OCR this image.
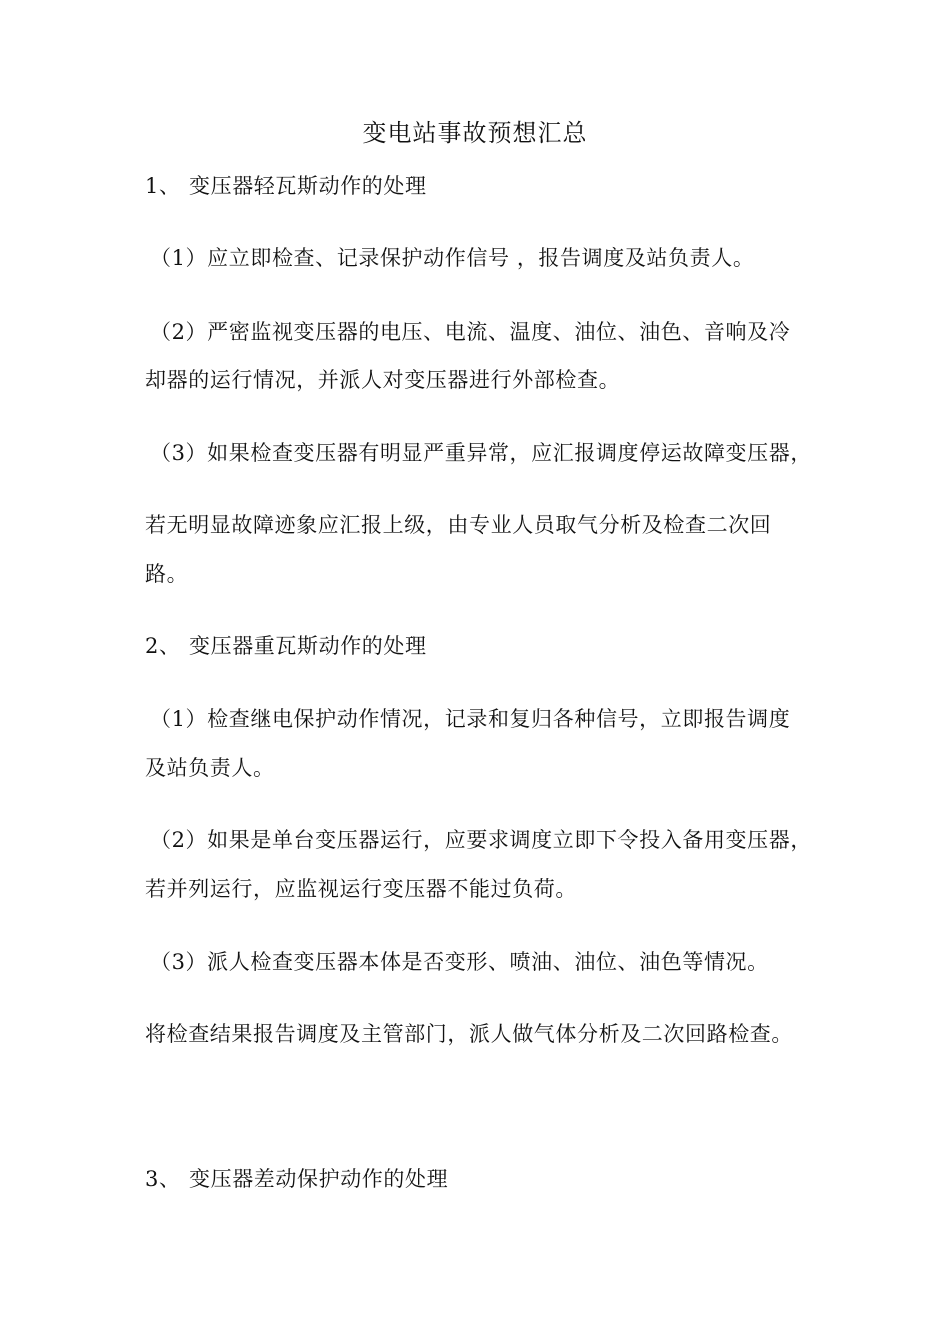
变电站事故预想汇总
1、 变压器轻瓦斯动作的处理
（1）应立即检查、记录保护动作信号 ，报告调度及站负责人。
（2）严密监视变压器的电压、电流、温度、油位、油色、音响及冷
却器的运行情况，并派人对变压器进行外部检查。
（3）如果检查变压器有明显严重异常，应汇报调度停运故障变压器，
若无明显故障迹象应汇报上级，由专业人员取气分析及检查二次回
路。
2、 变压器重瓦斯动作的处理
（1）检查继电保护动作情况，记录和复归各种信号，立即报告调度
及站负责人。
（2）如果是单台变压器运行，应要求调度立即下令投入备用变压器，
若并列运行，应监视运行变压器不能过负荷。
（3）派人检查变压器本体是否变形、喷油、油位、油色等情况。
将检查结果报告调度及主管部门，派人做气体分析及二次回路检查。
3、 变压器差动保护动作的处理
